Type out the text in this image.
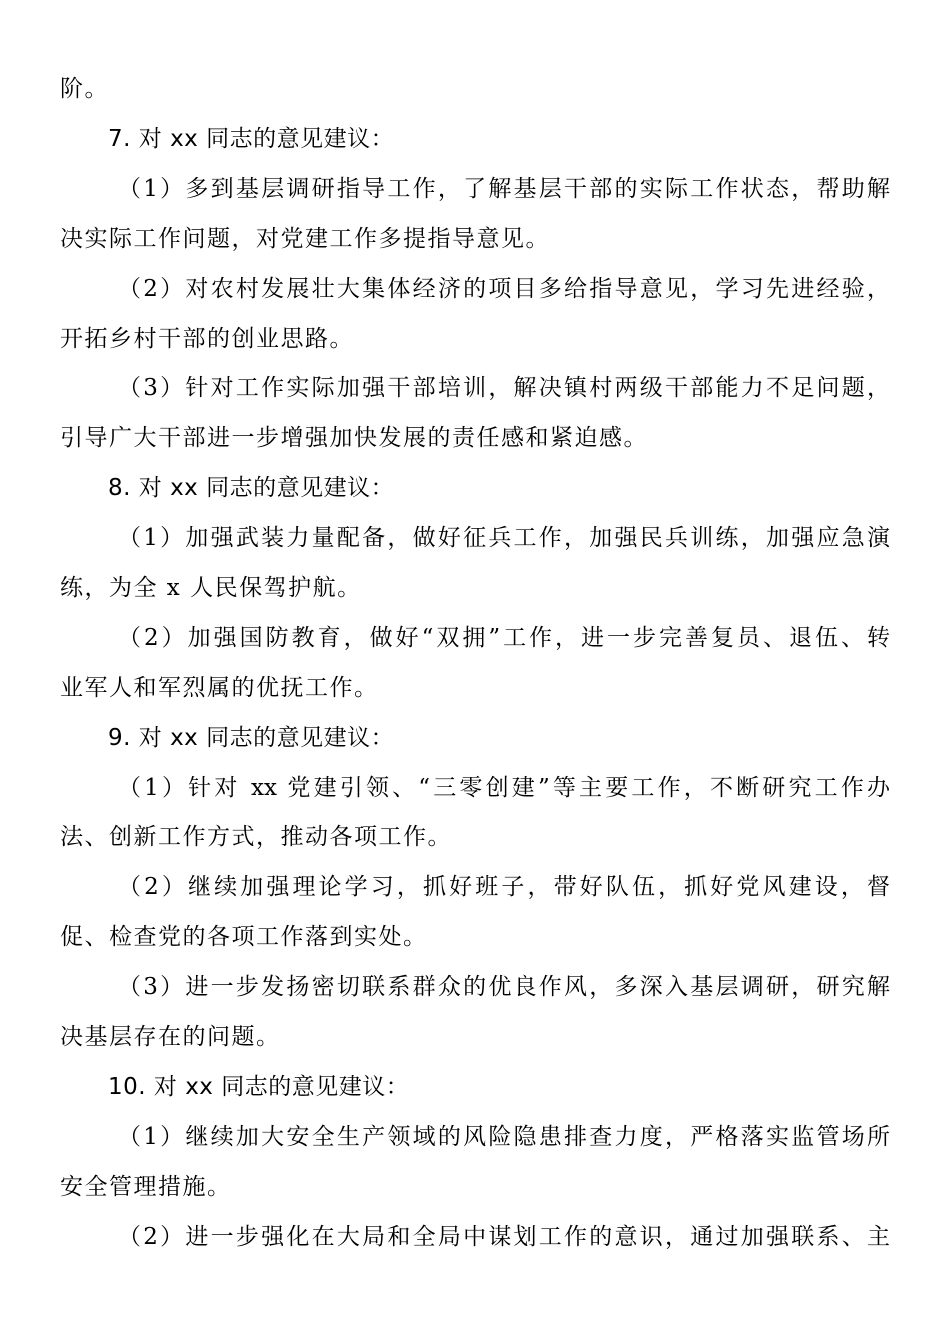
阶。
7. 对 xx 同志的意见建议：
（1）多到基层调研指导工作，了解基层干部的实际工作状态，帮助解
决实际工作问题，对党建工作多提指导意见。
（2）对农村发展壮大集体经济的项目多给指导意见，学习先进经验，
开拓乡村干部的创业思路。
（3）针对工作实际加强干部培训，解决镇村两级干部能力不足问题，
引导广大干部进一步增强加快发展的责任感和紧迫感。
8. 对 xx 同志的意见建议：
（1）加强武装力量配备，做好征兵工作，加强民兵训练，加强应急演
练，为全 x 人民保驾护航。
（2）加强国防教育，做好“双拥”工作，进一步完善复员、退伍、转
业军人和军烈属的优抚工作。
9. 对 xx 同志的意见建议：
（1）针对 xx 党建引领、“三零创建”等主要工作，不断研究工作办
法、创新工作方式，推动各项工作。
（2）继续加强理论学习，抓好班子，带好队伍，抓好党风建设，督
促、检查党的各项工作落到实处。
（3）进一步发扬密切联系群众的优良作风，多深入基层调研，研究解
决基层存在的问题。
10. 对 xx 同志的意见建议：
（1）继续加大安全生产领域的风险隐患排查力度，严格落实监管场所
安全管理措施。
（2）进一步强化在大局和全局中谋划工作的意识，通过加强联系、主
